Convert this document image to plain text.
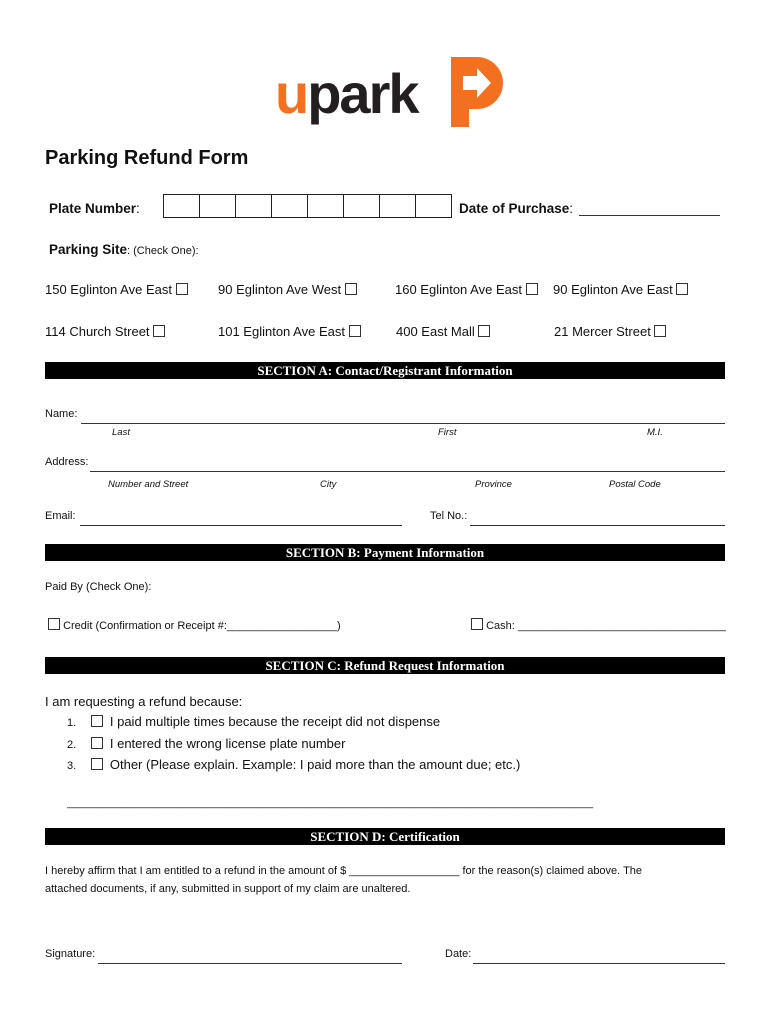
upark
Parking Refund Form
Plate Number:	Date of Purchase:
Parking Site: (Check One):
150 Eglinton Ave East	90 Eglinton Ave West	160 Eglinton Ave East	90 Eglinton Ave East
114 Church Street	101 Eglinton Ave East	400 East Mall	21 Mercer Street
SECTION A: Contact/Registrant Information
Name:
Last	First	M.I.
Address:
Number and Street	City	Province	Postal Code
Email:	Tel No.:
SECTION B: Payment Information
Paid By (Check One):
Credit (Confirmation or Receipt #:__________________)	Cash: __________________________________
SECTION C: Refund Request Information
I am requesting a refund because:
1.	I paid multiple times because the receipt did not dispense
2.	I entered the wrong license plate number
3.	Other (Please explain. Example: I paid more than the amount due; etc.)
______________________________________________________________________________________
SECTION D: Certification
I hereby affirm that I am entitled to a refund in the amount of $ __________________ for the reason(s) claimed above. The
attached documents, if any, submitted in support of my claim are unaltered.
Signature:	Date:
